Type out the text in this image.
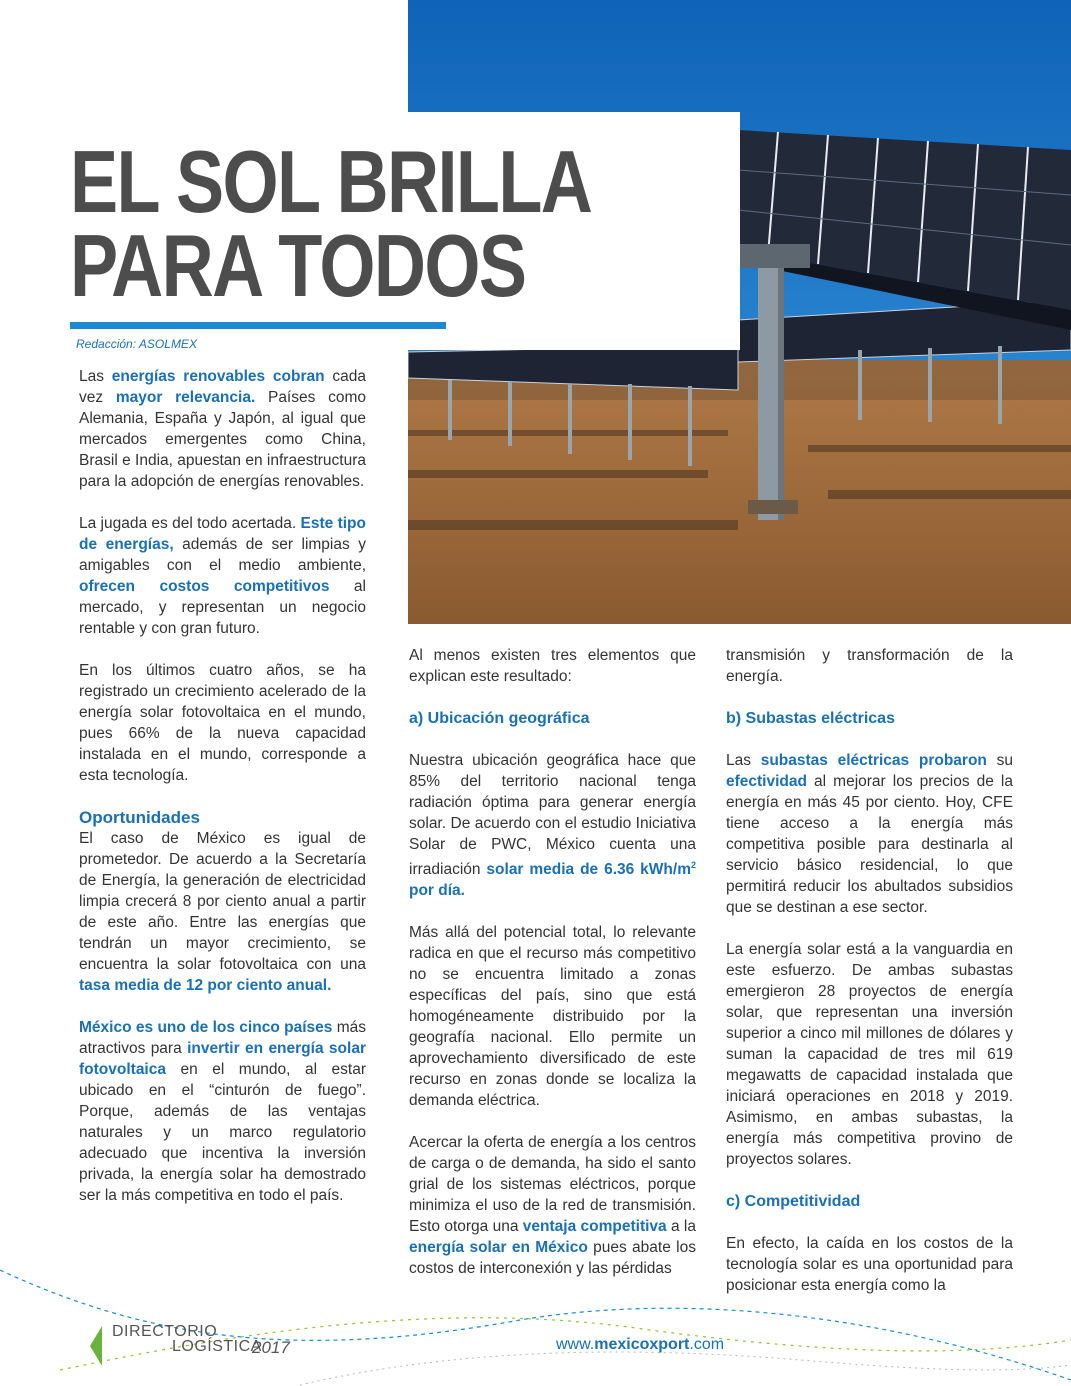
EL SOL BRILLA
PARA TODOS
Redacción: ASOLMEX

Las energías renovables cobran cada vez mayor relevancia. Países como Alemania, España y Japón, al igual que mercados emergentes como China, Brasil e India, apuestan en infraestructura para la adopción de energías renovables.

La jugada es del todo acertada. Este tipo de energías, además de ser limpias y amigables con el medio ambiente, ofrecen costos competitivos al mercado, y representan un negocio rentable y con gran futuro.

En los últimos cuatro años, se ha registrado un crecimiento acelerado de la energía solar fotovoltaica en el mundo, pues 66% de la nueva capacidad instalada en el mundo, corresponde a esta tecnología.

Oportunidades

El caso de México es igual de prometedor. De acuerdo a la Secretaría de Energía, la generación de electricidad limpia crecerá 8 por ciento anual a partir de este año. Entre las energías que tendrán un mayor crecimiento, se encuentra la solar fotovoltaica con una tasa media de 12 por ciento anual.

México es uno de los cinco países más atractivos para invertir en energía solar fotovoltaica en el mundo, al estar ubicado en el “cinturón de fuego”. Porque, además de las ventajas naturales y un marco regulatorio adecuado que incentiva la inversión privada, la energía solar ha demostrado ser la más competitiva en todo el país.

Al menos existen tres elementos que explican este resultado:

a) Ubicación geográfica

Nuestra ubicación geográfica hace que 85% del territorio nacional tenga radiación óptima para generar energía solar. De acuerdo con el estudio Iniciativa Solar de PWC, México cuenta una irradiación solar media de 6.36 kWh/$m^2$ por día.

Más allá del potencial total, lo relevante radica en que el recurso más competitivo no se encuentra limitado a zonas específicas del país, sino que está homogéneamente distribuido por la geografía nacional. Ello permite un aprovechamiento diversificado de este recurso en zonas donde se localiza la demanda eléctrica.

Acercar la oferta de energía a los centros de carga o de demanda, ha sido el santo grial de los sistemas eléctricos, porque minimiza el uso de la red de transmisión. Esto otorga una ventaja competitiva a la energía solar en México pues abate los costos de interconexión y las pérdidas

transmisión y transformación de la energía.

b) Subastas eléctricas

Las subastas eléctricas probaron su efectividad al mejorar los precios de la energía en más 45 por ciento. Hoy, CFE tiene acceso a la energía más competitiva posible para destinarla al servicio básico residencial, lo que permitirá reducir los abultados subsidios que se destinan a ese sector.

La energía solar está a la vanguardia en este esfuerzo. De ambas subastas emergieron 28 proyectos de energía solar, que representan una inversión superior a cinco mil millones de dólares y suman la capacidad de tres mil 619 megawatts de capacidad instalada que iniciará operaciones en 2018 y 2019. Asimismo, en ambas subastas, la energía más competitiva provino de proyectos solares.

c) Competitividad

En efecto, la caída en los costos de la tecnología solar es una oportunidad para posicionar esta energía como la

DIRECTORIO
LOGÍSTICA
2017	www.mexicoxport.com
